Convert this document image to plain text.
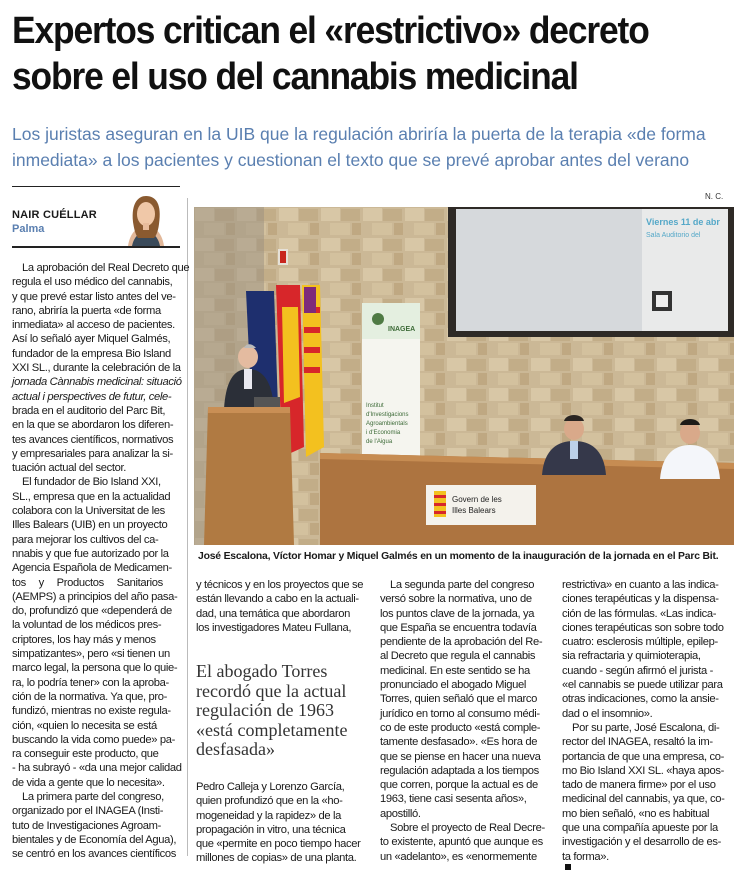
Expertos critican el «restrictivo» decreto
sobre el uso del cannabis medicinal

Los juristas aseguran en la UIB que la regulación abriría la puerta de la terapia «de forma
inmediata» a los pacientes y cuestionan el texto que se prevé aprobar antes del verano

NAIR CUÉLLAR
Palma
N. C.
Viernes 11 de abr
Sala Auditorio del
INAGEA
Institut
d'Investigacions
Agroambientals
i d'Economia
de l'Aigua
Govern de les
Illes Balears
José Escalona, Víctor Homar y Miquel Galmés en un momento de la inauguración de la jornada en el Parc Bit.

La aprobación del Real Decreto que
regula el uso médico del cannabis,
y que prevé estar listo antes del ve-
rano, abriría la puerta «de forma
inmediata» al acceso de pacientes.
Así lo señaló ayer Miquel Galmés,
fundador de la empresa Bio Island
XXI SL., durante la celebración de la
jornada Cànnabis medicinal: situació
actual i perspectives de futur, cele-
brada en el auditorio del Parc Bit,
en la que se abordaron los diferen-
tes avances científicos, normativos
y empresariales para analizar la si-
tuación actual del sector.

El fundador de Bio Island XXI,
SL., empresa que en la actualidad
colabora con la Universitat de les
Illes Balears (UIB) en un proyecto
para mejorar los cultivos del ca-
nnabis y que fue autorizado por la
Agencia Española de Medicamen-
tos y Productos Sanitarios
(AEMPS) a principios del año pasa-
do, profundizó que «dependerá de
la voluntad de los médicos pres-
criptores, los hay más y menos
simpatizantes», pero «si tienen un
marco legal, la persona que lo quie-
ra, lo podría tener» con la aproba-
ción de la normativa. Ya que, pro-
fundizó, mientras no existe regula-
ción, «quien lo necesita se está
buscando la vida como puede» pa-
ra conseguir este producto, que
- ha subrayó - «da una mejor calidad
de vida a gente que lo necesita».

La primera parte del congreso,
organizado por el INAGEA (Insti-
tuto de Investigaciones Agroam-
bientales y de Economía del Agua),
se centró en los avances científicos

y técnicos y en los proyectos que se
están llevando a cabo en la actuali-
dad, una temática que abordaron
los investigadores Mateu Fullana,

El abogado Torres
recordó que la actual
regulación de 1963
«está completamente
desfasada»

Pedro Calleja y Lorenzo García,
quien profundizó que en la «ho-
mogeneidad y la rapidez» de la
propagación in vitro, una técnica
que «permite en poco tiempo hacer
millones de copias» de una planta.

La segunda parte del congreso
versó sobre la normativa, uno de
los puntos clave de la jornada, ya
que España se encuentra todavía
pendiente de la aprobación del Re-
al Decreto que regula el cannabis
medicinal. En este sentido se ha
pronunciado el abogado Miguel
Torres, quien señaló que el marco
jurídico en torno al consumo médi-
co de este producto «está comple-
tamente desfasado». «Es hora de
que se piense en hacer una nueva
regulación adaptada a los tiempos
que corren, porque la actual es de
1963, tiene casi sesenta años»,
apostilló.

Sobre el proyecto de Real Decre-
to existente, apuntó que aunque es
un «adelanto», es «enormemente

restrictiva» en cuanto a las indica-
ciones terapéuticas y la dispensa-
ción de las fórmulas. «Las indica-
ciones terapéuticas son sobre todo
cuatro: esclerosis múltiple, epilep-
sia refractaria y quimioterapia,
cuando - según afirmó el jurista -
«el cannabis se puede utilizar para
otras indicaciones, como la ansie-
dad o el insomnio».

Por su parte, José Escalona, di-
rector del INAGEA, resaltó la im-
portancia de que una empresa, co-
mo Bio Island XXI SL. «haya apos-
tado de manera firme» por el uso
medicinal del cannabis, ya que, co-
mo bien señaló, «no es habitual
que una compañía apueste por la
investigación y el desarrollo de es-
ta forma».
